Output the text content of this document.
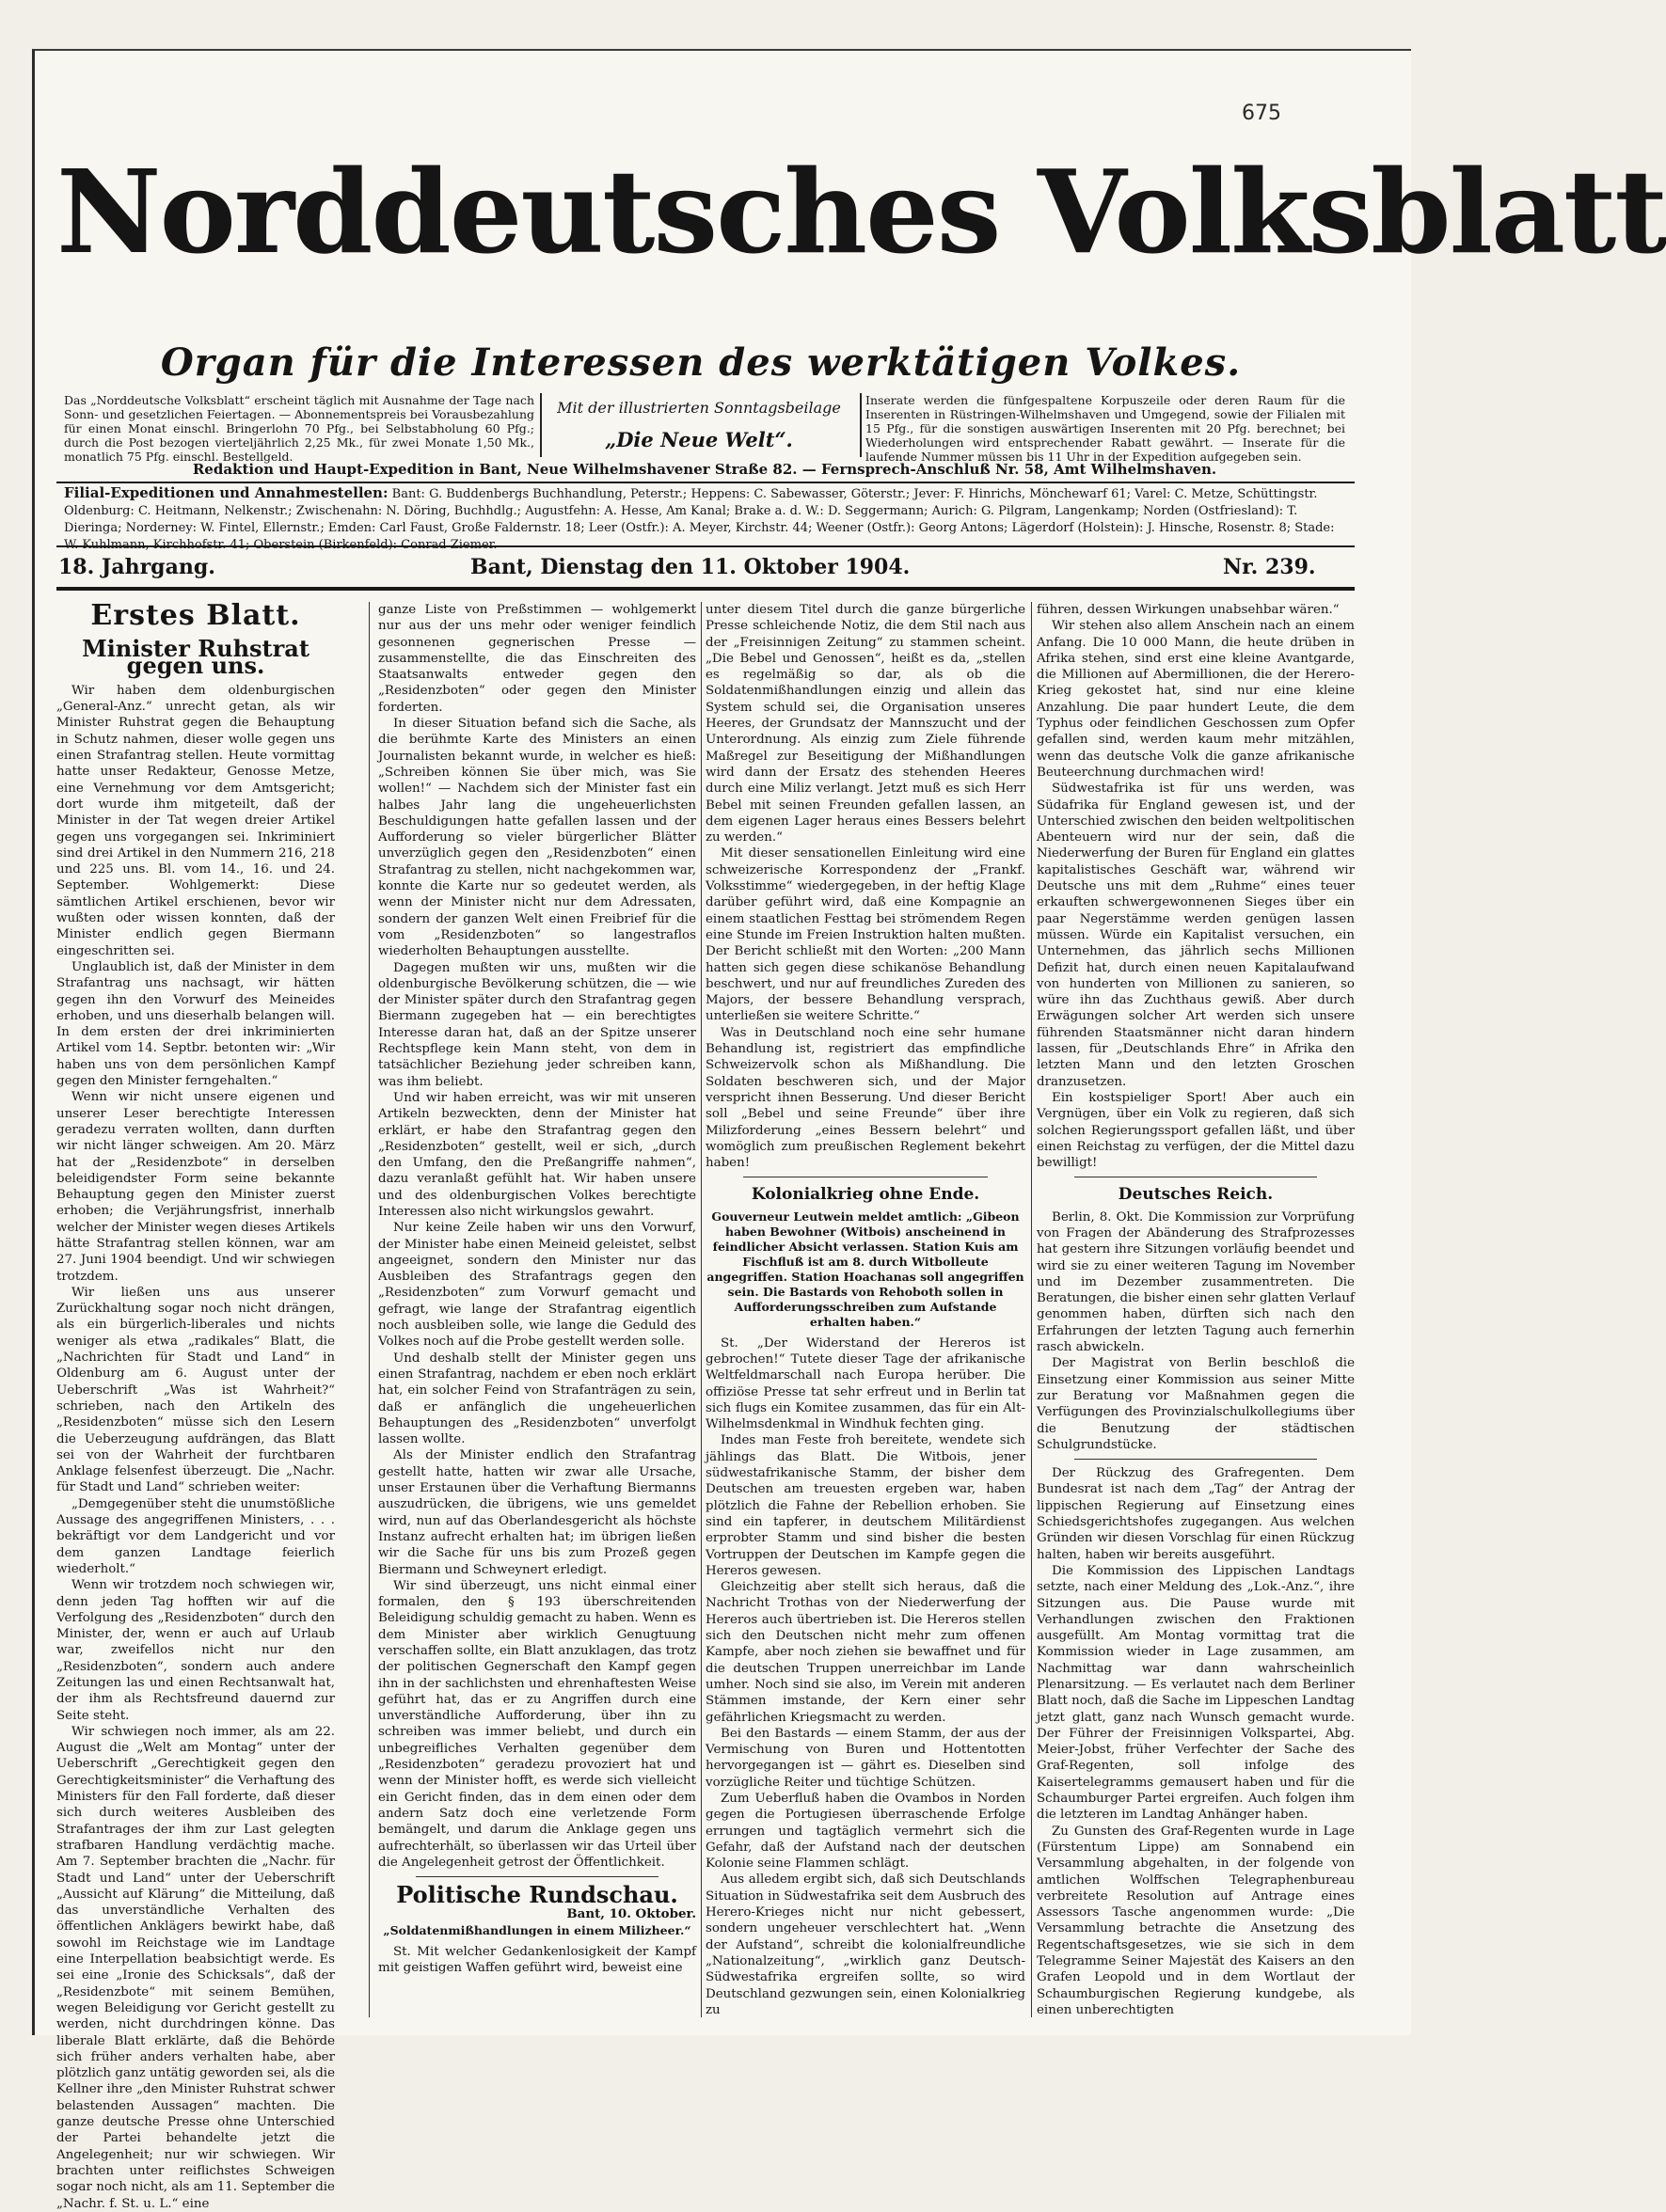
675
Norddeutsches Volksblatt
Organ für die Interessen des werktätigen Volkes.
Das „Norddeutsche Volksblatt“ erscheint täglich mit Ausnahme der Tage nach Sonn- und gesetzlichen Feiertagen. — Abonnementspreis bei Vorausbezahlung für einen Monat einschl. Bringerlohn 70 Pfg., bei Selbstabholung 60 Pfg.; durch die Post bezogen vierteljährlich 2,25 Mk., für zwei Monate 1,50 Mk., monatlich 75 Pfg. einschl. Bestellgeld.
Mit der illustrierten Sonntagsbeilage
„Die Neue Welt“.
Inserate werden die fünfgespaltene Korpuszeile oder deren Raum für die Inserenten in Rüstringen-Wilhelmshaven und Umgegend, sowie der Filialen mit 15 Pfg., für die sonstigen auswärtigen Inserenten mit 20 Pfg. berechnet; bei Wiederholungen wird entsprechender Rabatt gewährt. — Inserate für die laufende Nummer müssen bis 11 Uhr in der Expedition aufgegeben sein.
Redaktion und Haupt-Expedition in Bant, Neue Wilhelmshavener Straße 82. — Fernsprech-Anschluß Nr. 58, Amt Wilhelmshaven.
Filial-Expeditionen und Annahmestellen: Bant: G. Buddenbergs Buchhandlung, Peterstr.; Heppens: C. Sabewasser, Göterstr.; Jever: F. Hinrichs, Mönchewarf 61; Varel: C. Metze, Schüttingstr. Oldenburg: C. Heitmann, Nelkenstr.; Zwischenahn: N. Döring, Buchhdlg.; Augustfehn: A. Hesse, Am Kanal; Brake a. d. W.: D. Seggermann; Aurich: G. Pilgram, Langenkamp; Norden (Ostfriesland): T. Dieringa; Norderney: W. Fintel, Ellernstr.; Emden: Carl Faust, Große Faldernstr. 18; Leer (Ostfr.): A. Meyer, Kirchstr. 44; Weener (Ostfr.): Georg Antons; Lägerdorf (Holstein): J. Hinsche, Rosenstr. 8; Stade:
18. Jahrgang.	Bant, Dienstag den 11. Oktober 1904.	Nr. 239.
Erstes Blatt.
Minister Ruhstrat gegen uns.

Wir haben dem oldenburgischen „General-Anz.“ unrecht getan, als wir Minister Ruhstrat gegen die Behauptung in Schutz nahmen, dieser wolle gegen uns einen Strafantrag stellen. Heute vormittag hatte unser Redakteur, Genosse Metze, eine Vernehmung vor dem Amtsgericht; dort wurde ihm mitgeteilt, daß der Minister in der Tat wegen dreier Artikel gegen uns vorgegangen sei. Inkriminiert sind drei Artikel in den Nummern 216, 218 und 225 uns. Bl. vom 14., 16. und 24. September. Wohlgemerkt: Diese sämtlichen Artikel erschienen, bevor wir wußten oder wissen konnten, daß der Minister endlich gegen Biermann eingeschritten sei.

Unglaublich ist, daß der Minister in dem Strafantrag uns nachsagt, wir hätten gegen ihn den Vorwurf des Meineides erhoben, und uns dieserhalb belangen will. In dem ersten der drei inkriminierten Artikel vom 14. Septbr. betonten wir: „Wir haben uns von dem persönlichen Kampf gegen den Minister ferngehalten.“

Wenn wir nicht unsere eigenen und unserer Leser berechtigte Interessen geradezu verraten wollten, dann durften wir nicht länger schweigen. Am 20. März hat der „Residenzbote“ in derselben beleidigendster Form seine bekannte Behauptung gegen den Minister zuerst erhoben; die Verjährungsfrist, innerhalb welcher der Minister wegen dieses Artikels hätte Strafantrag stellen können, war am 27. Juni 1904 beendigt. Und wir schwiegen trotzdem.

Wir ließen uns aus unserer Zurückhaltung sogar noch nicht drängen, als ein bürgerlich-liberales und nichts weniger als etwa „radikales“ Blatt, die „Nachrichten für Stadt und Land“ in Oldenburg am 6. August unter der Ueberschrift „Was ist Wahrheit?“ schrieben, nach den Artikeln des „Residenzboten“ müsse sich den Lesern die Ueberzeugung aufdrängen, das Blatt sei von der Wahrheit der furchtbaren Anklage felsenfest überzeugt. Die „Nachr. für Stadt und Land“ schrieben weiter:

„Demgegenüber steht die unumstößliche Aussage des angegriffenen Ministers, . . . bekräftigt vor dem Landgericht und vor dem ganzen Landtage feierlich wiederholt.“

Wenn wir trotzdem noch schwiegen wir, denn jeden Tag hofften wir auf die Verfolgung des „Residenzboten“ durch den Minister, der, wenn er auch auf Urlaub war, zweifellos nicht nur den „Residenzboten“, sondern auch andere Zeitungen las und einen Rechtsanwalt hat, der ihm als Rechtsfreund dauernd zur Seite steht.

Wir schwiegen noch immer, als am 22. August die „Welt am Montag“ unter der Ueberschrift „Gerechtigkeit gegen den Gerechtigkeitsminister“ die Verhaftung des Ministers für den Fall forderte, daß dieser sich durch weiteres Ausbleiben des Strafantrages der ihm zur Last gelegten strafbaren Handlung verdächtig mache. Am 7. September brachten die „Nachr. für Stadt und Land“ unter der Ueberschrift „Aussicht auf Klärung“ die Mitteilung, daß das unverständliche Verhalten des öffentlichen Anklägers bewirkt habe, daß sowohl im Reichstage wie im Landtage eine Interpellation beabsichtigt werde. Es sei eine „Ironie des Schicksals“, daß der „Residenzbote“ mit seinem Bemühen, wegen Beleidigung vor Gericht gestellt zu werden, nicht durchdringen könne. Das liberale Blatt erklärte, daß die Behörde sich früher anders verhalten habe, aber plötzlich ganz untätig geworden sei, als die Kellner ihre „den Minister Ruhstrat schwer belastenden Aussagen“ machten. Die ganze deutsche Presse ohne Unterschied der Partei behandelte jetzt die Angelegenheit; nur wir schwiegen. Wir brachten unter reiflichstes Schweigen sogar noch nicht, als am 11. September die „Nachr. f. St. u. L.“ eine

ganze Liste von Preßstimmen — wohlgemerkt nur aus der uns mehr oder weniger feindlich gesonnenen gegnerischen Presse — zusammenstellte, die das Einschreiten des Staatsanwalts entweder gegen den „Residenzboten“ oder gegen den Minister forderten.

In dieser Situation befand sich die Sache, als die berühmte Karte des Ministers an einen Journalisten bekannt wurde, in welcher es hieß: „Schreiben können Sie über mich, was Sie wollen!“ — Nachdem sich der Minister fast ein halbes Jahr lang die ungeheuerlichsten Beschuldigungen hatte gefallen lassen und der Aufforderung so vieler bürgerlicher Blätter unverzüglich gegen den „Residenzboten“ einen Strafantrag zu stellen, nicht nachgekommen war, konnte die Karte nur so gedeutet werden, als wenn der Minister nicht nur dem Adressaten, sondern der ganzen Welt einen Freibrief für die vom „Residenzboten“ so langestraflos wiederholten Behauptungen ausstellte.

Dagegen mußten wir uns, mußten wir die oldenburgische Bevölkerung schützen, die — wie der Minister später durch den Strafantrag gegen Biermann zugegeben hat — ein berechtigtes Interesse daran hat, daß an der Spitze unserer Rechtspflege kein Mann steht, von dem in tatsächlicher Beziehung jeder schreiben kann, was ihm beliebt.

Und wir haben erreicht, was wir mit unseren Artikeln bezweckten, denn der Minister hat erklärt, er habe den Strafantrag gegen den „Residenzboten“ gestellt, weil er sich, „durch den Umfang, den die Preßangriffe nahmen“, dazu veranlaßt gefühlt hat. Wir haben unsere und des oldenburgischen Volkes berechtigte Interessen also nicht wirkungslos gewahrt.

Nur keine Zeile haben wir uns den Vorwurf, der Minister habe einen Meineid geleistet, selbst angeeignet, sondern den Minister nur das Ausbleiben des Strafantrags gegen den „Residenzboten“ zum Vorwurf gemacht und gefragt, wie lange der Strafantrag eigentlich noch ausbleiben solle, wie lange die Geduld des Volkes noch auf die Probe gestellt werden solle.

Und deshalb stellt der Minister gegen uns einen Strafantrag, nachdem er eben noch erklärt hat, ein solcher Feind von Strafanträgen zu sein, daß er anfänglich die ungeheuerlichen Behauptungen des „Residenzboten“ unverfolgt lassen wollte.

Als der Minister endlich den Strafantrag gestellt hatte, hatten wir zwar alle Ursache, unser Erstaunen über die Verhaftung Biermanns auszudrücken, die übrigens, wie uns gemeldet wird, nun auf das Oberlandesgericht als höchste Instanz aufrecht erhalten hat; im übrigen ließen wir die Sache für uns bis zum Prozeß gegen Biermann und Schweynert erledigt.

Wir sind überzeugt, uns nicht einmal einer formalen, den § 193 überschreitenden Beleidigung schuldig gemacht zu haben. Wenn es dem Minister aber wirklich Genugtuung verschaffen sollte, ein Blatt anzuklagen, das trotz der politischen Gegnerschaft den Kampf gegen ihn in der sachlichsten und ehrenhaftesten Weise geführt hat, das er zu Angriffen durch eine unverständliche Aufforderung, über ihn zu schreiben was immer beliebt, und durch ein unbegreifliches Verhalten gegenüber dem „Residenzboten“ geradezu provoziert hat und wenn der Minister hofft, es werde sich vielleicht ein Gericht finden, das in dem einen oder dem andern Satz doch eine verletzende Form bemängelt, und darum die Anklage gegen uns aufrechterhält, so überlassen wir das Urteil über die Angelegenheit getrost der Öffentlichkeit.

Politische Rundschau.
Bant, 10. Oktober.
„Soldatenmißhandlungen in einem Milizheer.“

St. Mit welcher Gedankenlosigkeit der Kampf mit geistigen Waffen geführt wird, beweist eine

unter diesem Titel durch die ganze bürgerliche Presse schleichende Notiz, die dem Stil nach aus der „Freisinnigen Zeitung“ zu stammen scheint. „Die Bebel und Genossen“, heißt es da, „stellen es regelmäßig so dar, als ob die Soldatenmißhandlungen einzig und allein das System schuld sei, die Organisation unseres Heeres, der Grundsatz der Mannszucht und der Unterordnung. Als einzig zum Ziele führende Maßregel zur Beseitigung der Mißhandlungen wird dann der Ersatz des stehenden Heeres durch eine Miliz verlangt. Jetzt muß es sich Herr Bebel mit seinen Freunden gefallen lassen, an dem eigenen Lager heraus eines Bessers belehrt zu werden.“

Mit dieser sensationellen Einleitung wird eine schweizerische Korrespondenz der „Frankf. Volksstimme“ wiedergegeben, in der heftig Klage darüber geführt wird, daß eine Kompagnie an einem staatlichen Festtag bei strömendem Regen eine Stunde im Freien Instruktion halten mußten. Der Bericht schließt mit den Worten: „200 Mann hatten sich gegen diese schikanöse Behandlung beschwert, und nur auf freundliches Zureden des Majors, der bessere Behandlung versprach, unterließen sie weitere Schritte.“

Was in Deutschland noch eine sehr humane Behandlung ist, registriert das empfindliche Schweizervolk schon als Mißhandlung. Die Soldaten beschweren sich, und der Major verspricht ihnen Besserung. Und dieser Bericht soll „Bebel und seine Freunde“ über ihre Milizforderung „eines Bessern belehrt“ und womöglich zum preußischen Reglement bekehrt haben!

Kolonialkrieg ohne Ende.
Gouverneur Leutwein meldet amtlich: „Gibeon haben Bewohner (Witbois) anscheinend in feindlicher Absicht verlassen. Station Kuis am Fischfluß ist am 8. durch Witbolleute angegriffen. Station Hoachanas soll angegriffen sein. Die Bastards von Rehoboth sollen in Aufforderungsschreiben zum Aufstande erhalten haben.“

St. „Der Widerstand der Hereros ist gebrochen!“ Tutete dieser Tage der afrikanische Weltfeldmarschall nach Europa herüber. Die offiziöse Presse tat sehr erfreut und in Berlin tat sich flugs ein Komitee zusammen, das für ein Alt-Wilhelmsdenkmal in Windhuk fechten ging.

Indes man Feste froh bereitete, wendete sich jählings das Blatt. Die Witbois, jener südwestafrikanische Stamm, der bisher dem Deutschen am treuesten ergeben war, haben plötzlich die Fahne der Rebellion erhoben. Sie sind ein tapferer, in deutschem Militärdienst erprobter Stamm und sind bisher die besten Vortruppen der Deutschen im Kampfe gegen die Hereros gewesen.

Gleichzeitig aber stellt sich heraus, daß die Nachricht Trothas von der Niederwerfung der Hereros auch übertrieben ist. Die Hereros stellen sich den Deutschen nicht mehr zum offenen Kampfe, aber noch ziehen sie bewaffnet und für die deutschen Truppen unerreichbar im Lande umher. Noch sind sie also, im Verein mit anderen Stämmen imstande, der Kern einer sehr gefährlichen Kriegsmacht zu werden.

Bei den Bastards — einem Stamm, der aus der Vermischung von Buren und Hottentotten hervorgegangen ist — gährt es. Dieselben sind vorzügliche Reiter und tüchtige Schützen.

Zum Ueberfluß haben die Ovambos in Norden gegen die Portugiesen überraschende Erfolge errungen und tagtäglich vermehrt sich die Gefahr, daß der Aufstand nach der deutschen Kolonie seine Flammen schlägt.

Aus alledem ergibt sich, daß sich Deutschlands Situation in Südwestafrika seit dem Ausbruch des Herero-Krieges nicht nur nicht gebessert, sondern ungeheuer verschlechtert hat. „Wenn der Aufstand“, schreibt die kolonialfreundliche „Nationalzeitung“, „wirklich ganz Deutsch-Südwestafrika ergreifen sollte, so wird Deutschland gezwungen sein, einen Kolonialkrieg zu

führen, dessen Wirkungen unabsehbar wären.“

Wir stehen also allem Anschein nach an einem Anfang. Die 10 000 Mann, die heute drüben in Afrika stehen, sind erst eine kleine Avantgarde, die Millionen auf Abermillionen, die der Herero-Krieg gekostet hat, sind nur eine kleine Anzahlung. Die paar hundert Leute, die dem Typhus oder feindlichen Geschossen zum Opfer gefallen sind, werden kaum mehr mitzählen, wenn das deutsche Volk die ganze afrikanische Beuteerchnung durchmachen wird!

Südwestafrika ist für uns werden, was Südafrika für England gewesen ist, und der Unterschied zwischen den beiden weltpolitischen Abenteuern wird nur der sein, daß die Niederwerfung der Buren für England ein glattes kapitalistisches Geschäft war, während wir Deutsche uns mit dem „Ruhme“ eines teuer erkauften schwergewonnenen Sieges über ein paar Negerstämme werden genügen lassen müssen. Würde ein Kapitalist versuchen, ein Unternehmen, das jährlich sechs Millionen Defizit hat, durch einen neuen Kapitalaufwand von hunderten von Millionen zu sanieren, so würe ihn das Zuchthaus gewiß. Aber durch Erwägungen solcher Art werden sich unsere führenden Staatsmänner nicht daran hindern lassen, für „Deutschlands Ehre“ in Afrika den letzten Mann und den letzten Groschen dranzusetzen.

Ein kostspieliger Sport! Aber auch ein Vergnügen, über ein Volk zu regieren, daß sich solchen Regierungssport gefallen läßt, und über einen Reichstag zu verfügen, der die Mittel dazu bewilligt!

Deutsches Reich.

Berlin, 8. Okt. Die Kommission zur Vorprüfung von Fragen der Abänderung des Strafprozesses hat gestern ihre Sitzungen vorläufig beendet und wird sie zu einer weiteren Tagung im November und im Dezember zusammentreten. Die Beratungen, die bisher einen sehr glatten Verlauf genommen haben, dürften sich nach den Erfahrungen der letzten Tagung auch fernerhin rasch abwickeln.

Der Magistrat von Berlin beschloß die Einsetzung einer Kommission aus seiner Mitte zur Beratung vor Maßnahmen gegen die Verfügungen des Provinzialschulkollegiums über die Benutzung der städtischen Schulgrundstücke.

Der Rückzug des Grafregenten. Dem Bundesrat ist nach dem „Tag“ der Antrag der lippischen Regierung auf Einsetzung eines Schiedsgerichtshofes zugegangen. Aus welchen Gründen wir diesen Vorschlag für einen Rückzug halten, haben wir bereits ausgeführt.

Die Kommission des Lippischen Landtags setzte, nach einer Meldung des „Lok.-Anz.“, ihre Sitzungen aus. Die Pause wurde mit Verhandlungen zwischen den Fraktionen ausgefüllt. Am Montag vormittag trat die Kommission wieder in Lage zusammen, am Nachmittag war dann wahrscheinlich Plenarsitzung. — Es verlautet nach dem Berliner Blatt noch, daß die Sache im Lippeschen Landtag jetzt glatt, ganz nach Wunsch gemacht wurde. Der Führer der Freisinnigen Volkspartei, Abg. Meier-Jobst, früher Verfechter der Sache des Graf-Regenten, soll infolge des Kaisertelegramms gemausert haben und für die Schaumburger Partei ergreifen. Auch folgen ihm die letzteren im Landtag Anhänger haben.

Zu Gunsten des Graf-Regenten wurde in Lage (Fürstentum Lippe) am Sonnabend ein Versammlung abgehalten, in der folgende von amtlichen Wolffschen Telegraphenbureau verbreitete Resolution auf Antrage eines Assessors Tasche angenommen wurde: „Die Versammlung betrachte die Ansetzung des Regentschaftsgesetzes, wie sie sich in dem Telegramme Seiner Majestät des Kaisers an den Grafen Leopold und in dem Wortlaut der Schaumburgischen Regierung kundgebe, als einen unberechtigten
